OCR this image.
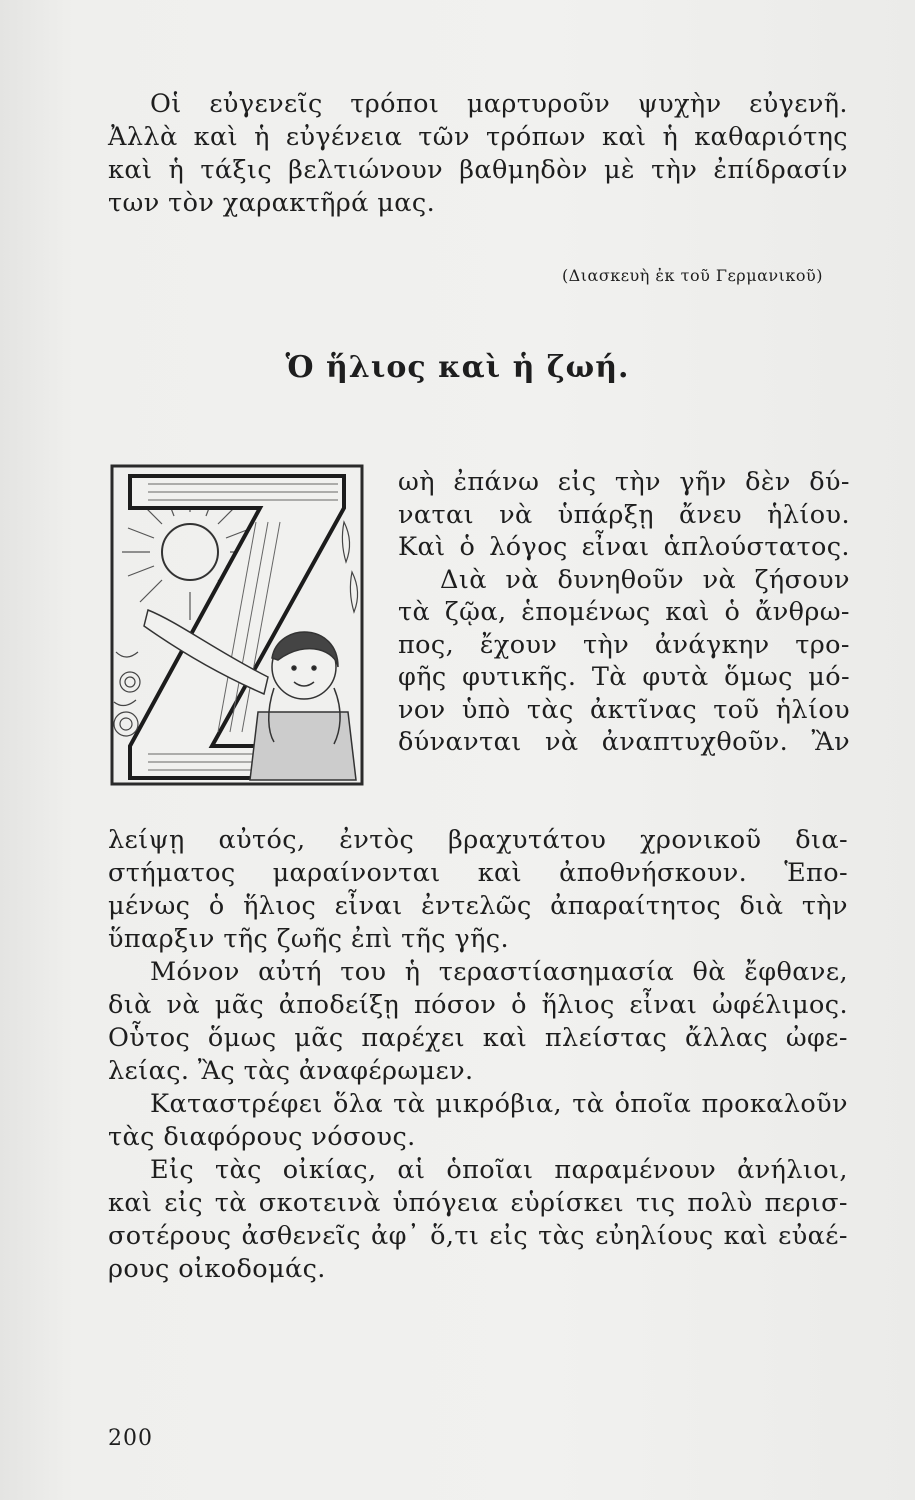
Οἱ εὐγενεῖς τρόποι μαρτυροῦν ψυχὴν εὐγενῆ.
Ἀλλὰ καὶ ἡ εὐγένεια τῶν τρόπων καὶ ἡ καθαριότης
καὶ ἡ τάξις βελτιώνουν βαθμηδὸν μὲ τὴν ἐπίδρασίν
των τὸν χαρακτῆρά μας.
(Διασκευὴ ἐκ τοῦ Γερμανικοῦ)
Ὁ ἥλιος καὶ ἡ ζωή.
ωὴ ἐπάνω εἰς τὴν γῆν δὲν δύ-
ναται νὰ ὑπάρξῃ ἄνευ ἡλίου.
Καὶ ὁ λόγος εἶναι ἁπλούστατος.
Διὰ νὰ δυνηθοῦν νὰ ζήσουν
τὰ ζῷα, ἑπομένως καὶ ὁ ἄνθρω-
πος, ἔχουν τὴν ἀνάγκην τρο-
φῆς φυτικῆς. Τὰ φυτὰ ὅμως μό-
νον ὑπὸ τὰς ἀκτῖνας τοῦ ἡλίου
δύνανται νὰ ἀναπτυχθοῦν. Ἂν
λείψῃ αὐτός, ἐντὸς βραχυτάτου χρονικοῦ δια-
στήματος μαραίνονται καὶ ἀποθνήσκουν. Ἑπο-
μένως ὁ ἥλιος εἶναι ἐντελῶς ἀπαραίτητος διὰ τὴν
ὕπαρξιν τῆς ζωῆς ἐπὶ τῆς γῆς.
Μόνον αὐτή του ἡ τεραστίασημασία θὰ ἔφθανε,
διὰ νὰ μᾶς ἀποδείξῃ πόσον ὁ ἥλιος εἶναι ὠφέλιμος.
Οὗτος ὅμως μᾶς παρέχει καὶ πλείστας ἄλλας ὠφε-
λείας. Ἂς τὰς ἀναφέρωμεν.
Καταστρέφει ὅλα τὰ μικρόβια, τὰ ὁποῖα προκαλοῦν
τὰς διαφόρους νόσους.
Εἰς τὰς οἰκίας, αἱ ὁποῖαι παραμένουν ἀνήλιοι,
καὶ εἰς τὰ σκοτεινὰ ὑπόγεια εὑρίσκει τις πολὺ περισ-
σοτέρους ἀσθενεῖς ἀφ᾽ ὅ,τι εἰς τὰς εὐηλίους καὶ εὐαέ-
ρους οἰκοδομάς.
200
